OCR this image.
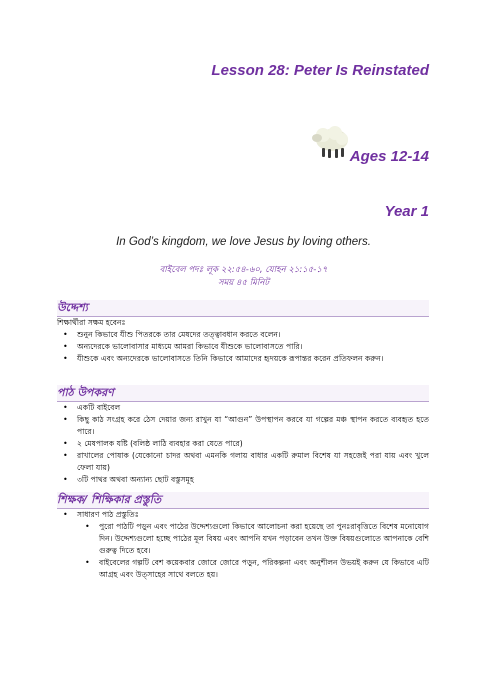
Lesson 28: Peter Is Reinstated
Ages 12-14
Year 1
In God’s kingdom, we love Jesus by loving others.
বাইবেল পদঃ লূক ২২:৫৪-৬০, যোহন ২১:১৫-১৭
সময় ৪৫ মিনিট
উদ্দেশ্য
শিক্ষার্থীরা সক্ষম হবেনঃ
• শুনুন কিভাবে যীশু পিতরকে তার মেষদের তত্ত্বাবধান করতে বলেন।
• অন্যদেরকে ভালোবাসার মাধ্যমে আমরা কিভাবে যীশুকে ভালোবাসতে পারি।
• যীশুকে এবং অন্যদেরকে ভালোবাসতে তিনি কিভাবে আমাদের হৃদয়কে রূপান্তর করেন প্রতিফলন করুন।
পাঠ উপকরণ
• একটি বাইবেল
• কিছু কাঠ সংগ্রহ করে ঠেস দেয়ার জন্য রাখুন যা “আগুন” উপস্থাপন করবে যা গল্পের মঞ্চ স্থাপন করতে ব্যবহৃত হতে পারে।
• ২ মেষপালক যষ্টি (বলিষ্ঠ লাঠি ব্যবহার করা যেতে পারে)
• রাখালের পোষাক (যেকোনো চাদর অথবা এমনকি গলায় বাধার একটি রুমাল বিশেষ যা সহজেই পরা যায় এবং খুলে ফেলা যায়)
• ৩টি পাথর অথবা অন্যান্য ছোট বস্তুসমূহ
শিক্ষক/ শিক্ষিকার প্রস্তুতি
• সাধারণ পাঠ প্রস্তুতিঃ
• পুরো পাঠটি পড়ুন এবং পাঠের উদ্দেশ্যগুলো কিভাবে আলোচনা করা হয়েছে তা পুনঃরাবৃত্তিতে বিশেষ মনোযোগ দিন। উদ্দেশ্যগুলো হচ্ছে পাঠের মূল বিষয় এবং আপনি যখন পড়াবেন তখন উক্ত বিষয়গুলোতে আপনাকে বেশি গুরুত্ব দিতে হবে।
• বাইবেলের গল্পটি বেশ কয়েকবার জোরে জোরে পড়ুন, পরিকল্পনা এবং অনুশীলন উভয়ই করুন যে কিভাবে এটি আগ্রহ এবং উত্সাহের সাথে বলতে হয়।
